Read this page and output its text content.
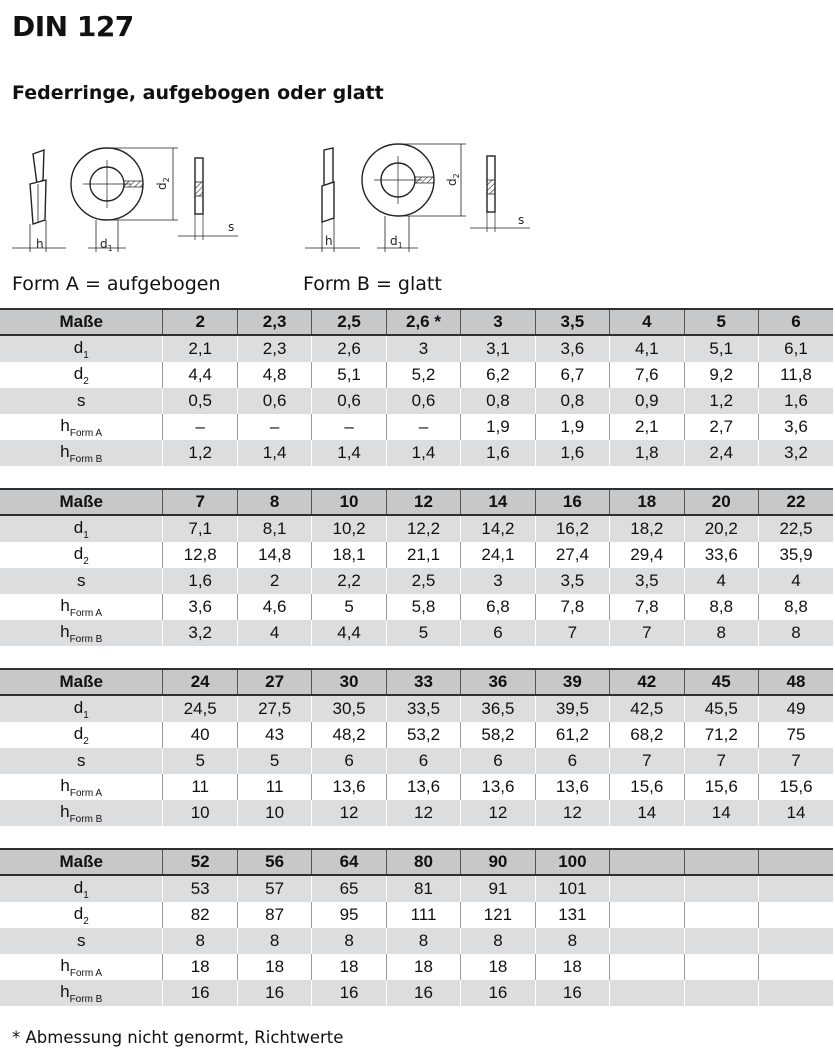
DIN 127
Federringe, aufgebogen oder glatt
h	$d_1$
$d_2$
s
h	$d_1$
$d_2$
s
Form A = aufgebogen	Form B = glatt
Maße	2	2,3	2,5	2,6 *	3	3,5	4	5	6
$d_1$	2,1	2,3	2,6	3	3,1	3,6	4,1	5,1	6,1
$d_2$	4,4	4,8	5,1	5,2	6,2	6,7	7,6	9,2	11,8
s	0,5	0,6	0,6	0,6	0,8	0,8	0,9	1,2	1,6
$h_{Form A}$	–	–	–	–	1,9	1,9	2,1	2,7	3,6
$h_{Form B}$	1,2	1,4	1,4	1,4	1,6	1,6	1,8	2,4	3,2
Maße	7	8	10	12	14	16	18	20	22
$d_1$	7,1	8,1	10,2	12,2	14,2	16,2	18,2	20,2	22,5
$d_2$	12,8	14,8	18,1	21,1	24,1	27,4	29,4	33,6	35,9
s	1,6	2	2,2	2,5	3	3,5	3,5	4	4
$h_{Form A}$	3,6	4,6	5	5,8	6,8	7,8	7,8	8,8	8,8
$h_{Form B}$	3,2	4	4,4	5	6	7	7	8	8
Maße	24	27	30	33	36	39	42	45	48
$d_1$	24,5	27,5	30,5	33,5	36,5	39,5	42,5	45,5	49
$d_2$	40	43	48,2	53,2	58,2	61,2	68,2	71,2	75
s	5	5	6	6	6	6	7	7	7
$h_{Form A}$	11	11	13,6	13,6	13,6	13,6	15,6	15,6	15,6
$h_{Form B}$	10	10	12	12	12	12	14	14	14
Maße	52	56	64	80	90	100			
$d_1$	53	57	65	81	91	101			
$d_2$	82	87	95	111	121	131			
s	8	8	8	8	8	8			
$h_{Form A}$	18	18	18	18	18	18			
$h_{Form B}$	16	16	16	16	16	16			
* Abmessung nicht genormt, Richtwerte
